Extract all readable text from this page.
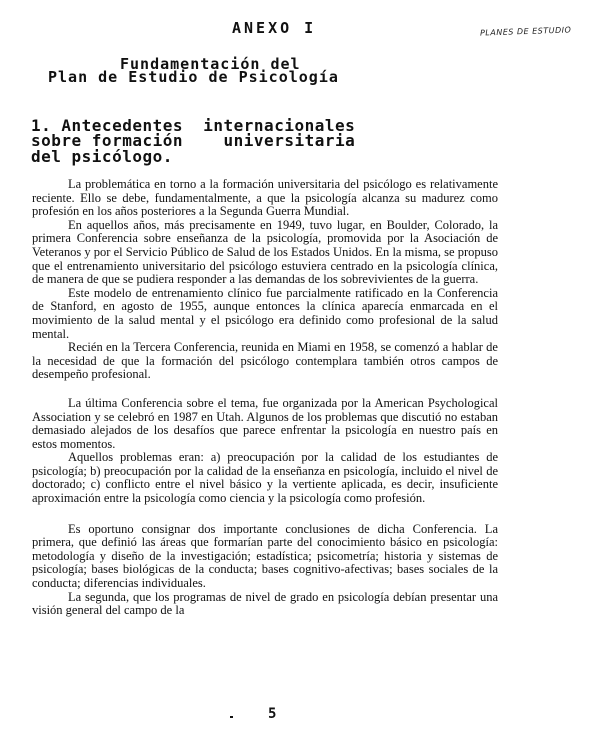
ANEXO I	PLANES DE ESTUDIO
Fundamentación del
Plan de Estudio de Psicología
1. Antecedentes  internacionales
sobre formación    universitaria
del psicólogo.

La problemática en torno a la formación universitaria del psicólogo es relativamente reciente. Ello se debe, fundamentalmente, a que la psicología alcanza su madurez como profesión en los años posteriores a la Segunda Guerra Mundial.

En aquellos años, más precisamente en 1949, tuvo lugar, en Boulder, Colorado, la primera Conferencia sobre enseñanza de la psicología, promovida por la Asociación de Veteranos y por el Servicio Público de Salud de los Estados Unidos. En la misma, se propuso que el entrenamiento universitario del psicólogo estuviera centrado en la psicología clínica, de manera de que se pudiera responder a las demandas de los sobrevivientes de la guerra.

Este modelo de entrenamiento clínico fue parcialmente ratificado en la Conferencia de Stanford, en agosto de 1955, aunque entonces la clínica aparecía enmarcada en el movimiento de la salud mental y el psicólogo era definido como profesional de la salud mental.

Recién en la Tercera Conferencia, reunida en Miami en 1958, se comenzó a hablar de la necesidad de que la formación del psicólogo contemplara también otros campos de desempeño profesional.

La última Conferencia sobre el tema, fue organizada por la American Psychological Association y se celebró en 1987 en Utah. Algunos de los problemas que discutió no estaban demasiado alejados de los desafíos que parece enfrentar la psicología en nuestro país en estos momentos.

Aquellos problemas eran: a) preocupación por la calidad de los estudiantes de psicología; b) preocupación por la calidad de la enseñanza en psicología, incluido el nivel de doctorado; c) conflicto entre el nivel básico y la vertiente aplicada, es decir, insuficiente aproximación entre la psicología como ciencia y la psicología como profesión.

Es oportuno consignar dos importante conclusiones de dicha Conferencia. La primera, que definió las áreas que formarían parte del conocimiento básico en psicología: metodología y diseño de la investigación; estadística; psicometría; historia y sistemas de psicología; bases biológicas de la conducta; bases cognitivo-afectivas; bases sociales de la conducta; diferencias individuales.

La segunda, que los programas de nivel de grado en psicología debían presentar una visión general del campo de la

5
